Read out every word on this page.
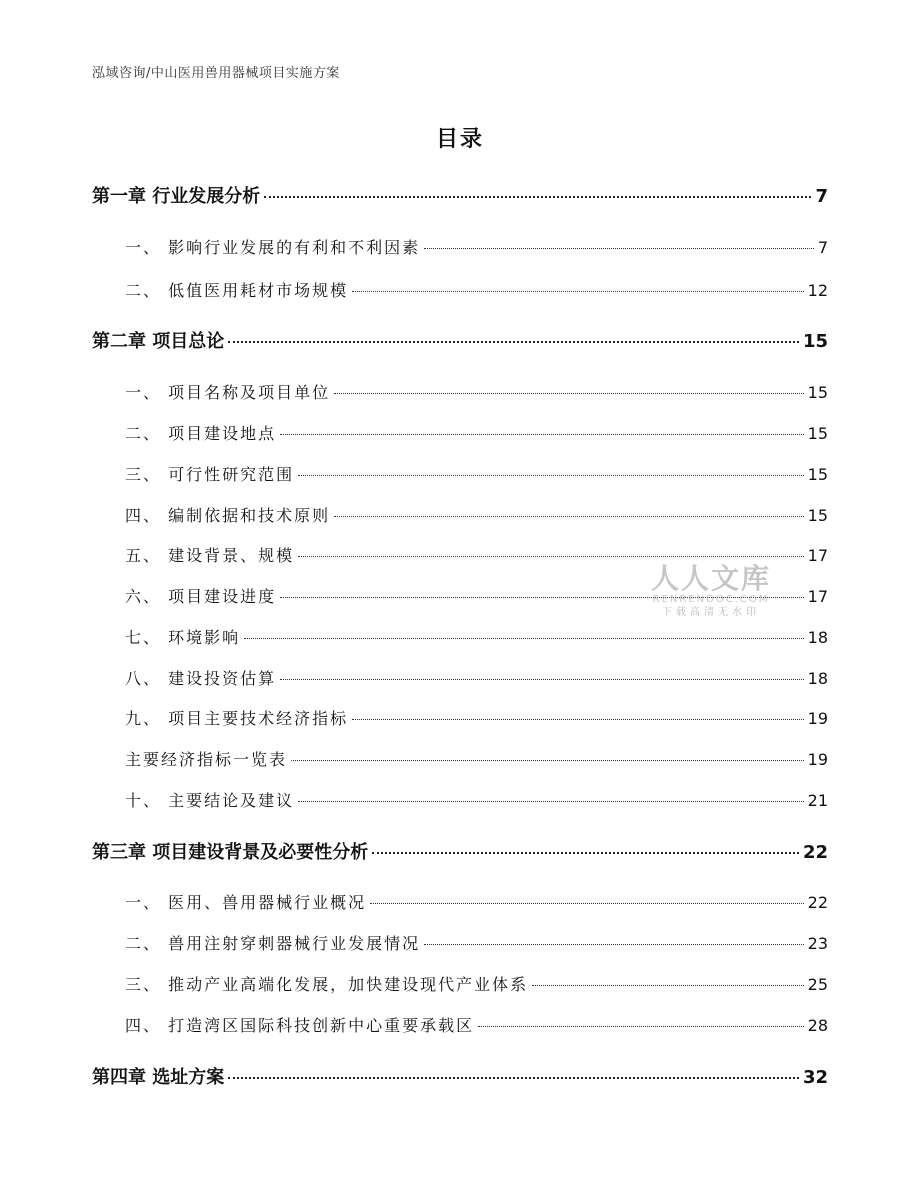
泓域咨询/中山医用兽用器械项目实施方案
目录
第一章 行业发展分析	7
一、 影响行业发展的有利和不利因素	7
二、 低值医用耗材市场规模	12
第二章 项目总论	15
一、 项目名称及项目单位	15
二、 项目建设地点	15
三、 可行性研究范围	15
四、 编制依据和技术原则	15
五、 建设背景、规模	17
六、 项目建设进度	17
七、 环境影响	18
八、 建设投资估算	18
九、 项目主要技术经济指标	19
主要经济指标一览表	19
十、 主要结论及建议	21
第三章 项目建设背景及必要性分析	22
一、 医用、兽用器械行业概况	22
二、 兽用注射穿刺器械行业发展情况	23
三、 推动产业高端化发展，加快建设现代产业体系	25
四、 打造湾区国际科技创新中心重要承载区	28
第四章 选址方案	32
人人文库
RENRENDOC.COM
下载高清无水印
